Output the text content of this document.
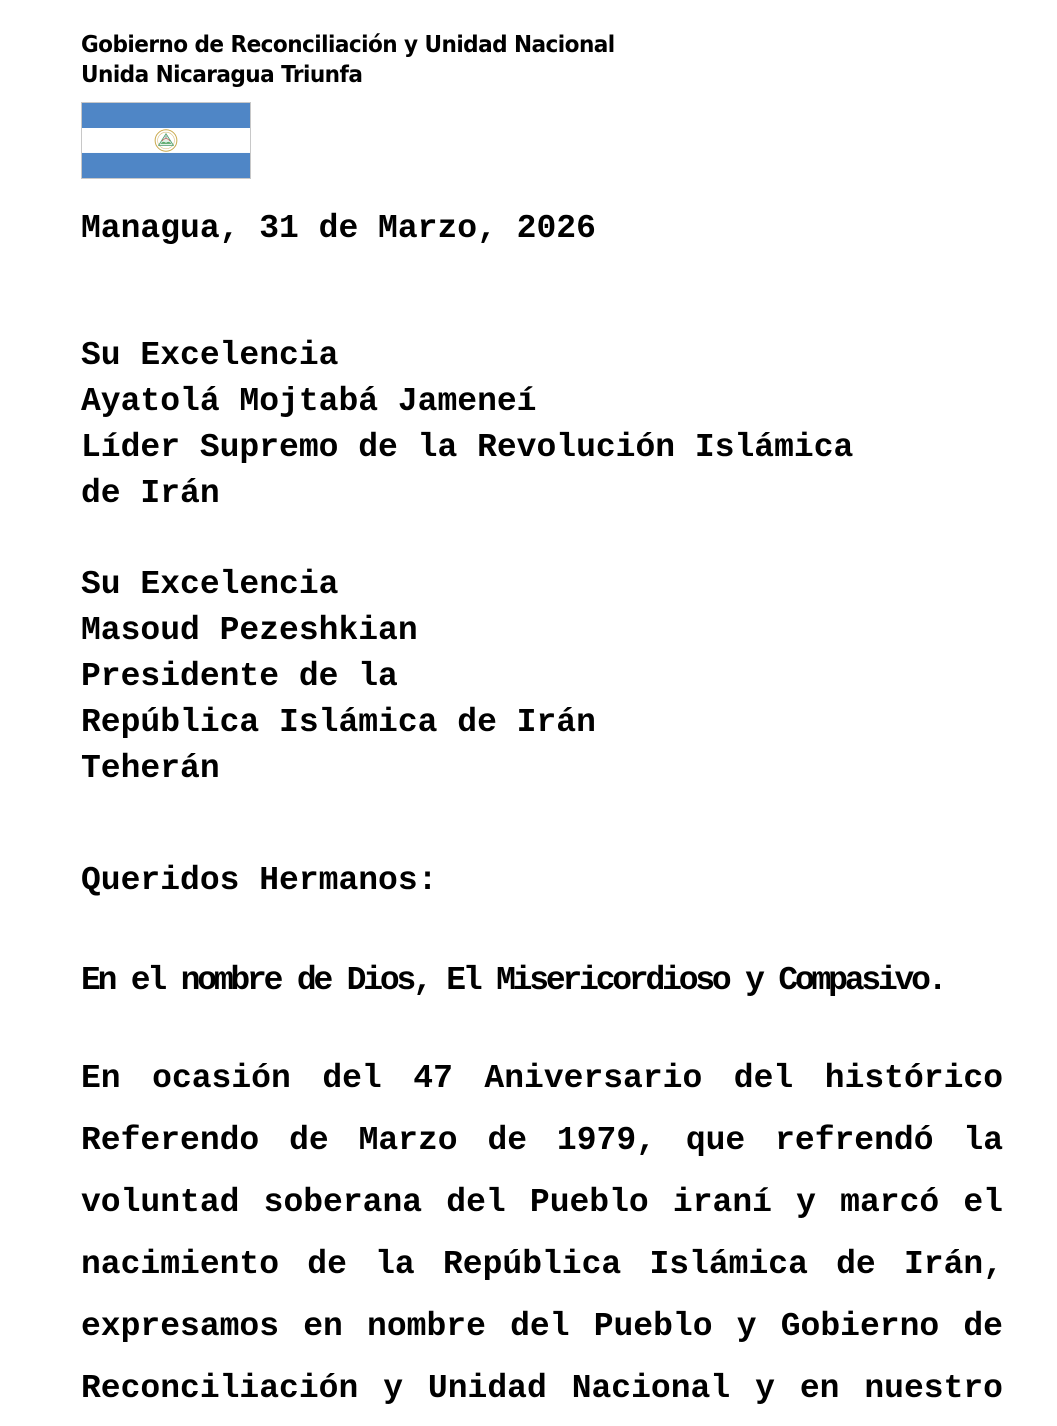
Gobierno de Reconciliación y Unidad Nacional
Unida Nicaragua Triunfa
Managua, 31 de Marzo, 2026
Su Excelencia
Ayatolá Mojtabá Jameneí
Líder Supremo de la Revolución Islámica
de Irán
Su Excelencia
Masoud Pezeshkian
Presidente de la
República Islámica de Irán
Teherán
Queridos Hermanos:
En el nombre de Dios, El Misericordioso y Compasivo.
En ocasión del 47 Aniversario del histórico
Referendo de Marzo de 1979, que refrendó la
voluntad soberana del Pueblo iraní y marcó el
nacimiento de la República Islámica de Irán,
expresamos en nombre del Pueblo y Gobierno de
Reconciliación y Unidad Nacional y en nuestro
